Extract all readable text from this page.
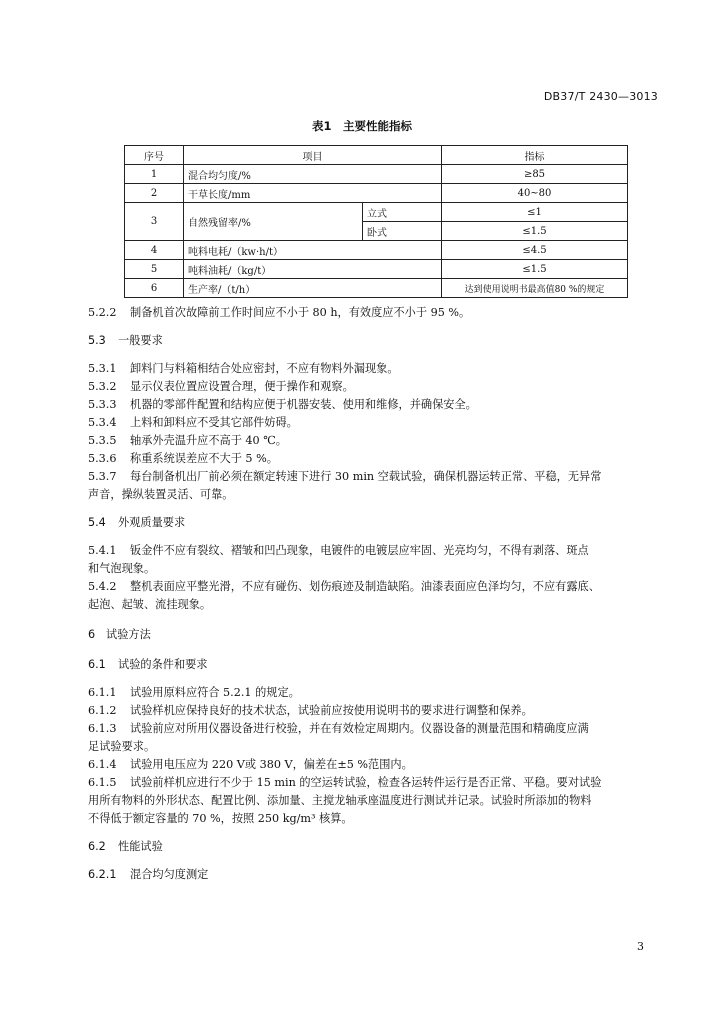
DB37/T 2430—3013
表1　主要性能指标
序号	项目		指标
1	混合均匀度/%		≥85
2	干草长度/mm		40~80
3	自然残留率/%	立式	≤1
		卧式	≤1.5
4	吨料电耗/（kw·h/t）		≤4.5
5	吨料油耗/（kg/t）		≤1.5
6	生产率/（t/h）		达到使用说明书最高值80 %的规定

5.2.2 制备机首次故障前工作时间应不小于 80 h，有效度应不小于 95 %。

5.3 一般要求

5.3.1 卸料门与料箱相结合处应密封，不应有物料外漏现象。

5.3.2 显示仪表位置应设置合理，便于操作和观察。

5.3.3 机器的零部件配置和结构应便于机器安装、使用和维修，并确保安全。

5.3.4 上料和卸料应不受其它部件妨碍。

5.3.5 轴承外壳温升应不高于 40 ℃。

5.3.6 称重系统误差应不大于 5 %。

5.3.7 每台制备机出厂前必须在额定转速下进行 30 min 空载试验，确保机器运转正常、平稳，无异常

声音，操纵装置灵活、可靠。

5.4 外观质量要求

5.4.1 钣金件不应有裂纹、褶皱和凹凸现象，电镀件的电镀层应牢固、光亮均匀，不得有剥落、斑点

和气泡现象。

5.4.2 整机表面应平整光滑，不应有碰伤、划伤痕迹及制造缺陷。油漆表面应色泽均匀，不应有露底、

起泡、起皱、流挂现象。

6 试验方法

6.1 试验的条件和要求

6.1.1 试验用原料应符合 5.2.1 的规定。

6.1.2 试验样机应保持良好的技术状态，试验前应按使用说明书的要求进行调整和保养。

6.1.3 试验前应对所用仪器设备进行校验，并在有效检定周期内。仪器设备的测量范围和精确度应满

足试验要求。

6.1.4 试验用电压应为 220 V或 380 V，偏差在±5 %范围内。

6.1.5 试验前样机应进行不少于 15 min 的空运转试验，检查各运转件运行是否正常、平稳。要对试验

用所有物料的外形状态、配置比例、添加量、主搅龙轴承座温度进行测试并记录。试验时所添加的物料

不得低于额定容量的 70 %，按照 250 kg/m³ 核算。

6.2 性能试验

6.2.1 混合均匀度测定

3
